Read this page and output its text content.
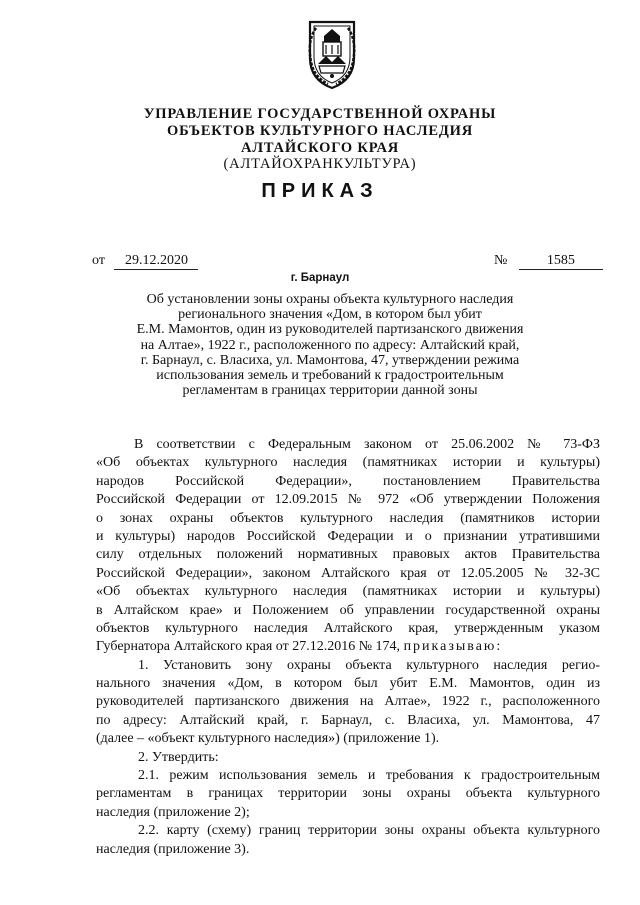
УПРАВЛЕНИЕ ГОСУДАРСТВЕННОЙ ОХРАНЫ
ОБЪЕКТОВ КУЛЬТУРНОГО НАСЛЕДИЯ
АЛТАЙСКОГО КРАЯ
(АЛТАЙОХРАНКУЛЬТУРА)
ПРИКАЗ
от 29.12.2020	№	1585
г. Барнаул
Об установлении зоны охраны объекта культурного наследия
регионального значения «Дом, в котором был убит
Е.М. Мамонтов, один из руководителей партизанского движения
на Алтае», 1922 г., расположенного по адресу: Алтайский край,
г. Барнаул, с. Власиха, ул. Мамонтова, 47, утверждении режима
использования земель и требований к градостроительным
регламентам в границах территории данной зоны
В соответствии с Федеральным законом от 25.06.2002 № 73-ФЗ
«Об объектах культурного наследия (памятниках истории и культуры)
народов Российской Федерации», постановлением Правительства
Российской Федерации от 12.09.2015 № 972 «Об утверждении Положения
о зонах охраны объектов культурного наследия (памятников истории
и культуры) народов Российской Федерации и о признании утратившими
силу отдельных положений нормативных правовых актов Правительства
Российской Федерации», законом Алтайского края от 12.05.2005 № 32-ЗС
«Об объектах культурного наследия (памятниках истории и культуры)
в Алтайском крае» и Положением об управлении государственной охраны
объектов культурного наследия Алтайского края, утвержденным указом
Губернатора Алтайского края от 27.12.2016 № 174, приказываю:
1. Установить зону охраны объекта культурного наследия регио-
нального значения «Дом, в котором был убит Е.М. Мамонтов, один из
руководителей партизанского движения на Алтае», 1922 г., расположенного
по адресу: Алтайский край, г. Барнаул, с. Власиха, ул. Мамонтова, 47
(далее – «объект культурного наследия») (приложение 1).
2. Утвердить:
2.1. режим использования земель и требования к градостроительным
регламентам в границах территории зоны охраны объекта культурного
наследия (приложение 2);
2.2. карту (схему) границ территории зоны охраны объекта культурного
наследия (приложение 3).
